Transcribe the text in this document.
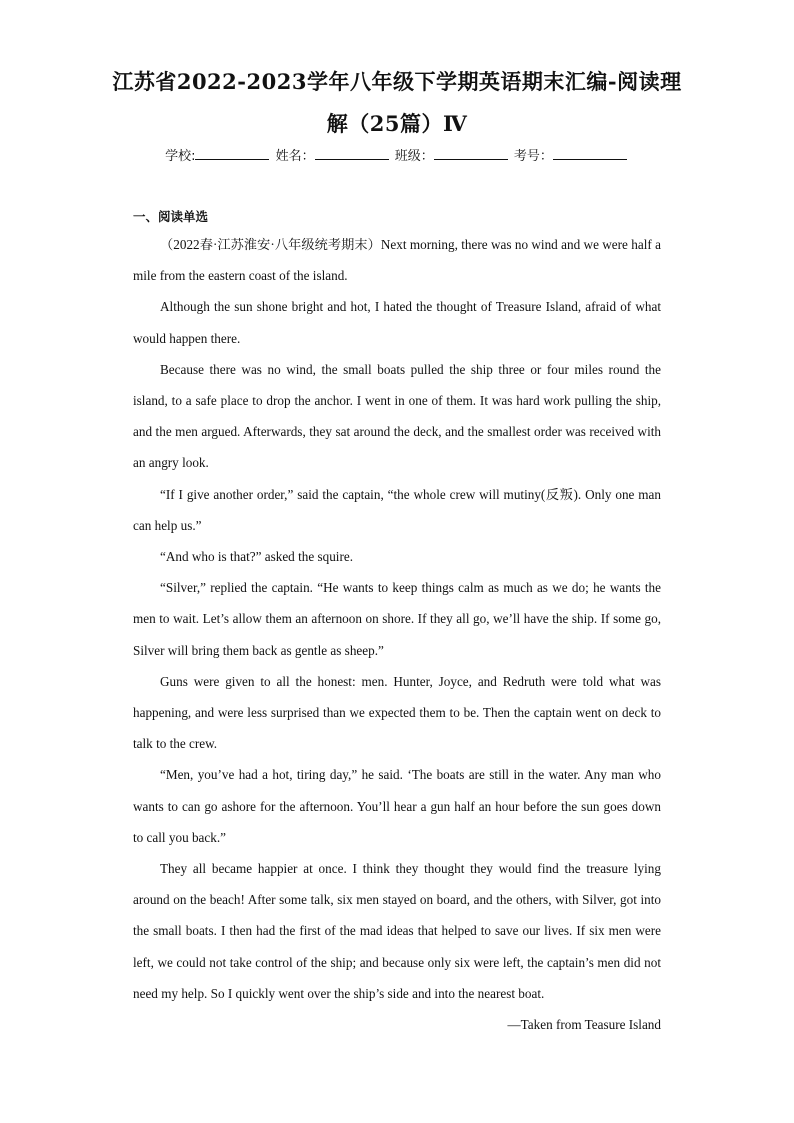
江苏省2022-2023学年八年级下学期英语期末汇编-阅读理
解（25篇）Ⅳ
学校:	姓名：	班级：	考号：
一、阅读单选

（2022春·江苏淮安·八年级统考期末）Next morning, there was no wind and we were half a mile from the eastern coast of the island.

Although the sun shone bright and hot, I hated the thought of Treasure Island, afraid of what would happen there.

Because there was no wind, the small boats pulled the ship three or four miles round the island, to a safe place to drop the anchor. I went in one of them. It was hard work pulling the ship, and the men argued. Afterwards, they sat around the deck, and the smallest order was received with an angry look.

“If I give another order,” said the captain, “the whole crew will mutiny(反叛). Only one man can help us.”

“And who is that?” asked the squire.

“Silver,” replied the captain. “He wants to keep things calm as much as we do; he wants the men to wait. Let’s allow them an afternoon on shore. If they all go, we’ll have the ship. If some go, Silver will bring them back as gentle as sheep.”

Guns were given to all the honest: men. Hunter, Joyce, and Redruth were told what was happening, and were less surprised than we expected them to be. Then the captain went on deck to talk to the crew.

“Men, you’ve had a hot, tiring day,” he said. ‘The boats are still in the water. Any man who wants to can go ashore for the afternoon. You’ll hear a gun half an hour before the sun goes down to call you back.”

They all became happier at once. I think they thought they would find the treasure lying around on the beach! After some talk, six men stayed on board, and the others, with Silver, got into the small boats. I then had the first of the mad ideas that helped to save our lives. If six men were left, we could not take control of the ship; and because only six were left, the captain’s men did not need my help. So I quickly went over the ship’s side and into the nearest boat.

—Taken from Teasure Island
